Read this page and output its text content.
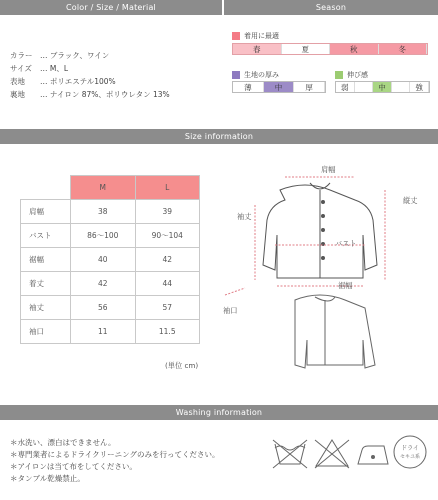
Color / Size / Material	Season
カラー … ブラック、ワイン
サイズ … M、L
表地 … ポリエステル100%
裏地 … ナイロン 87%、ポリウレタン 13%
着用に最適
春	夏	秋	冬
生地の厚み
薄	中	厚
伸び感
弱	中	強
Size information
	M	L
肩幅	38	39
バスト	86〜100	90〜104
裾幅	40	42
着丈	42	44
袖丈	56	57
袖口	11	11.5
(単位 cm)
肩幅
縦丈
袖丈
バスト
裾幅
袖口
Washing information
＊水洗い、漂白はできません。
＊専門業者によるドライクリーニングのみを行ってください。
＊アイロンは当て布をしてください。
＊タンブル乾燥禁止。
ドライ
セキユ系
